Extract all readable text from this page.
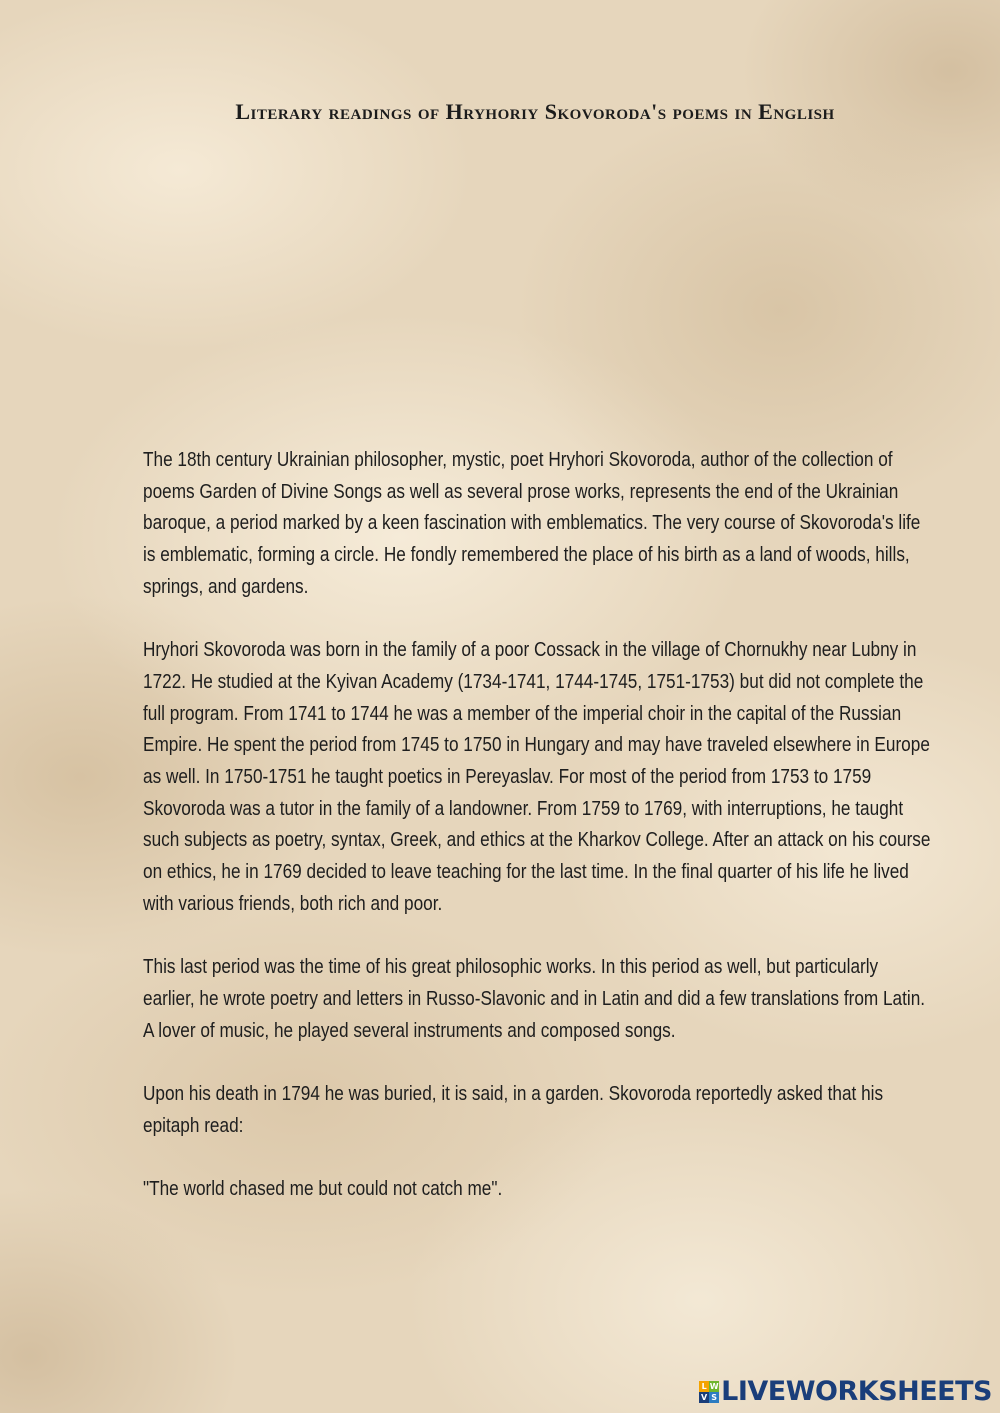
Literary readings of Hryhoriy Skovoroda's poems in English

The 18th century Ukrainian philosopher, mystic, poet Hryhori Skovoroda, author of the collection of poems Garden of Divine Songs as well as several prose works, represents the end of the Ukrainian baroque, a period marked by a keen fascination with emblematics. The very course of Skovoroda's life is emblematic, forming a circle. He fondly remembered the place of his birth as a land of woods, hills, springs, and gardens.

Hryhori Skovoroda was born in the family of a poor Cossack in the village of Chornukhy near Lubny in 1722. He studied at the Kyivan Academy (1734-1741, 1744-1745, 1751-1753) but did not complete the full program. From 1741 to 1744 he was a member of the imperial choir in the capital of the Russian Empire. He spent the period from 1745 to 1750 in Hungary and may have traveled elsewhere in Europe as well. In 1750-1751 he taught poetics in Pereyaslav. For most of the period from 1753 to 1759 Skovoroda was a tutor in the family of a landowner. From 1759 to 1769, with interruptions, he taught such subjects as poetry, syntax, Greek, and ethics at the Kharkov College. After an attack on his course on ethics, he in 1769 decided to leave teaching for the last time. In the final quarter of his life he lived with various friends, both rich and poor.

This last period was the time of his great philosophic works. In this period as well, but particularly earlier, he wrote poetry and letters in Russo-Slavonic and in Latin and did a few translations from Latin. A lover of music, he played several instruments and composed songs.

Upon his death in 1794 he was buried, it is said, in a garden. Skovoroda reportedly asked that his epitaph read:

"The world chased me but could not catch me".

L W
V S LIVEWORKSHEETS
